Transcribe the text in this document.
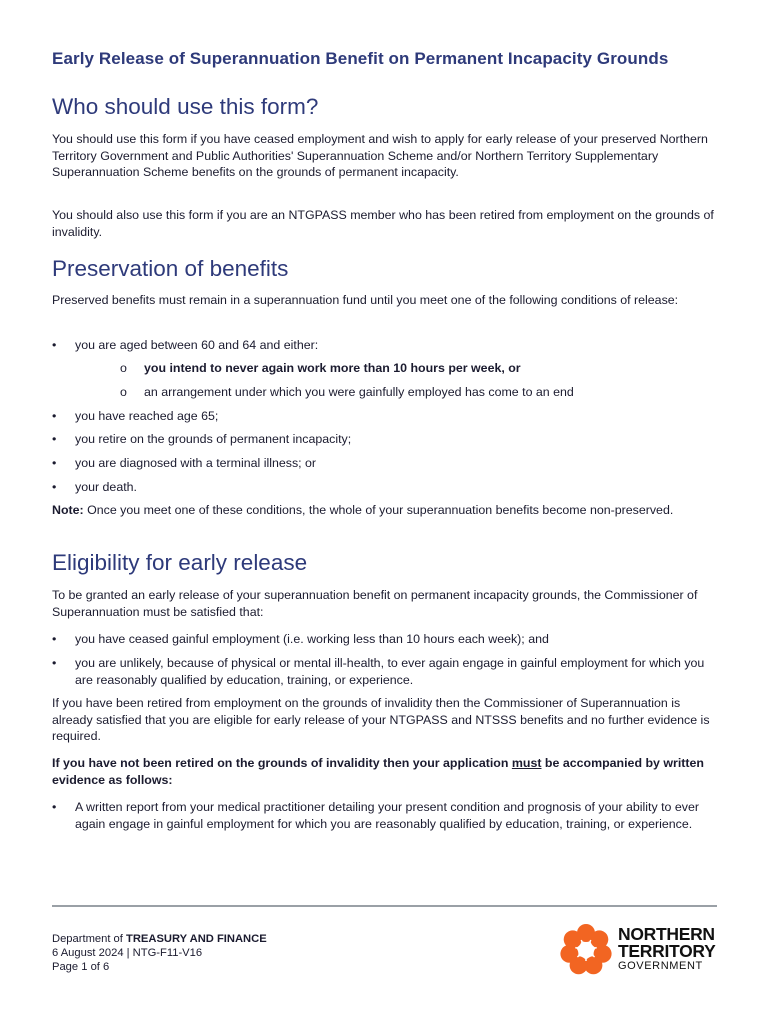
Early Release of Superannuation Benefit on Permanent Incapacity Grounds
Who should use this form?

You should use this form if you have ceased employment and wish to apply for early release of your preserved Northern Territory Government and Public Authorities' Superannuation Scheme and/or Northern Territory Supplementary Superannuation Scheme benefits on the grounds of permanent incapacity.

You should also use this form if you are an NTGPASS member who has been retired from employment on the grounds of invalidity.

Preservation of benefits

Preserved benefits must remain in a superannuation fund until you meet one of the following conditions of release:

•	you are aged between 60 and 64 and either:
o you intend to never again work more than 10 hours per week, or
o an arrangement under which you were gainfully employed has come to an end
•	you have reached age 65;
•	you retire on the grounds of permanent incapacity;
•	you are diagnosed with a terminal illness; or
•	your death.

Note: Once you meet one of these conditions, the whole of your superannuation benefits become non-preserved.

Eligibility for early release

To be granted an early release of your superannuation benefit on permanent incapacity grounds, the Commissioner of Superannuation must be satisfied that:

•	you have ceased gainful employment (i.e. working less than 10 hours each week); and
•	you are unlikely, because of physical or mental ill-health, to ever again engage in gainful employment for which you are reasonably qualified by education, training, or experience.

If you have been retired from employment on the grounds of invalidity then the Commissioner of Superannuation is already satisfied that you are eligible for early release of your NTGPASS and NTSSS benefits and no further evidence is required.

If you have not been retired on the grounds of invalidity then your application must be accompanied by written evidence as follows:

•	A written report from your medical practitioner detailing your present condition and prognosis of your ability to ever again engage in gainful employment for which you are reasonably qualified by education, training, or experience.
Department of TREASURY AND FINANCE
6 August 2024 | NTG-F11-V16
Page 1 of 6
NORTHERN
TERRITORY
GOVERNMENT
